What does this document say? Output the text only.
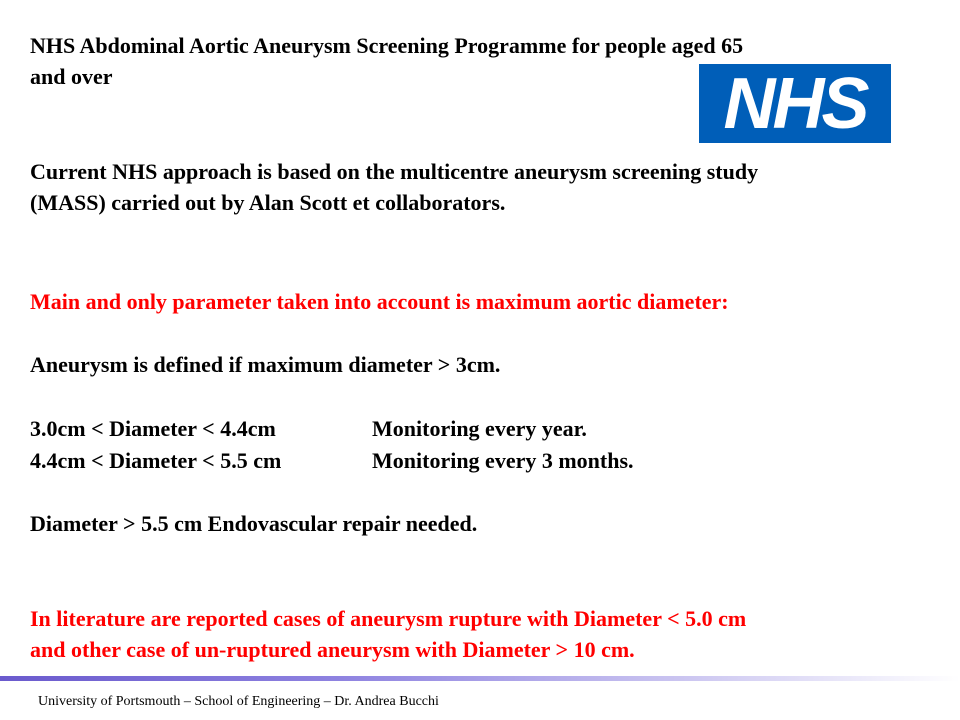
NHS Abdominal Aortic Aneurysm Screening Programme for people aged 65
and over	NHS

Current NHS approach is based on the multicentre aneurysm screening study
(MASS) carried out by Alan Scott et collaborators.

Main and only parameter taken into account is maximum aortic diameter:

Aneurysm is defined if maximum diameter > 3cm.

3.0cm < Diameter < 4.4cm	Monitoring every year.

4.4cm < Diameter < 5.5 cm	Monitoring every 3 months.

Diameter > 5.5 cm Endovascular repair needed.

In literature are reported cases of aneurysm rupture with Diameter < 5.0 cm
and other case of un-ruptured aneurysm with Diameter > 10 cm.

University of Portsmouth – School of Engineering – Dr. Andrea Bucchi
